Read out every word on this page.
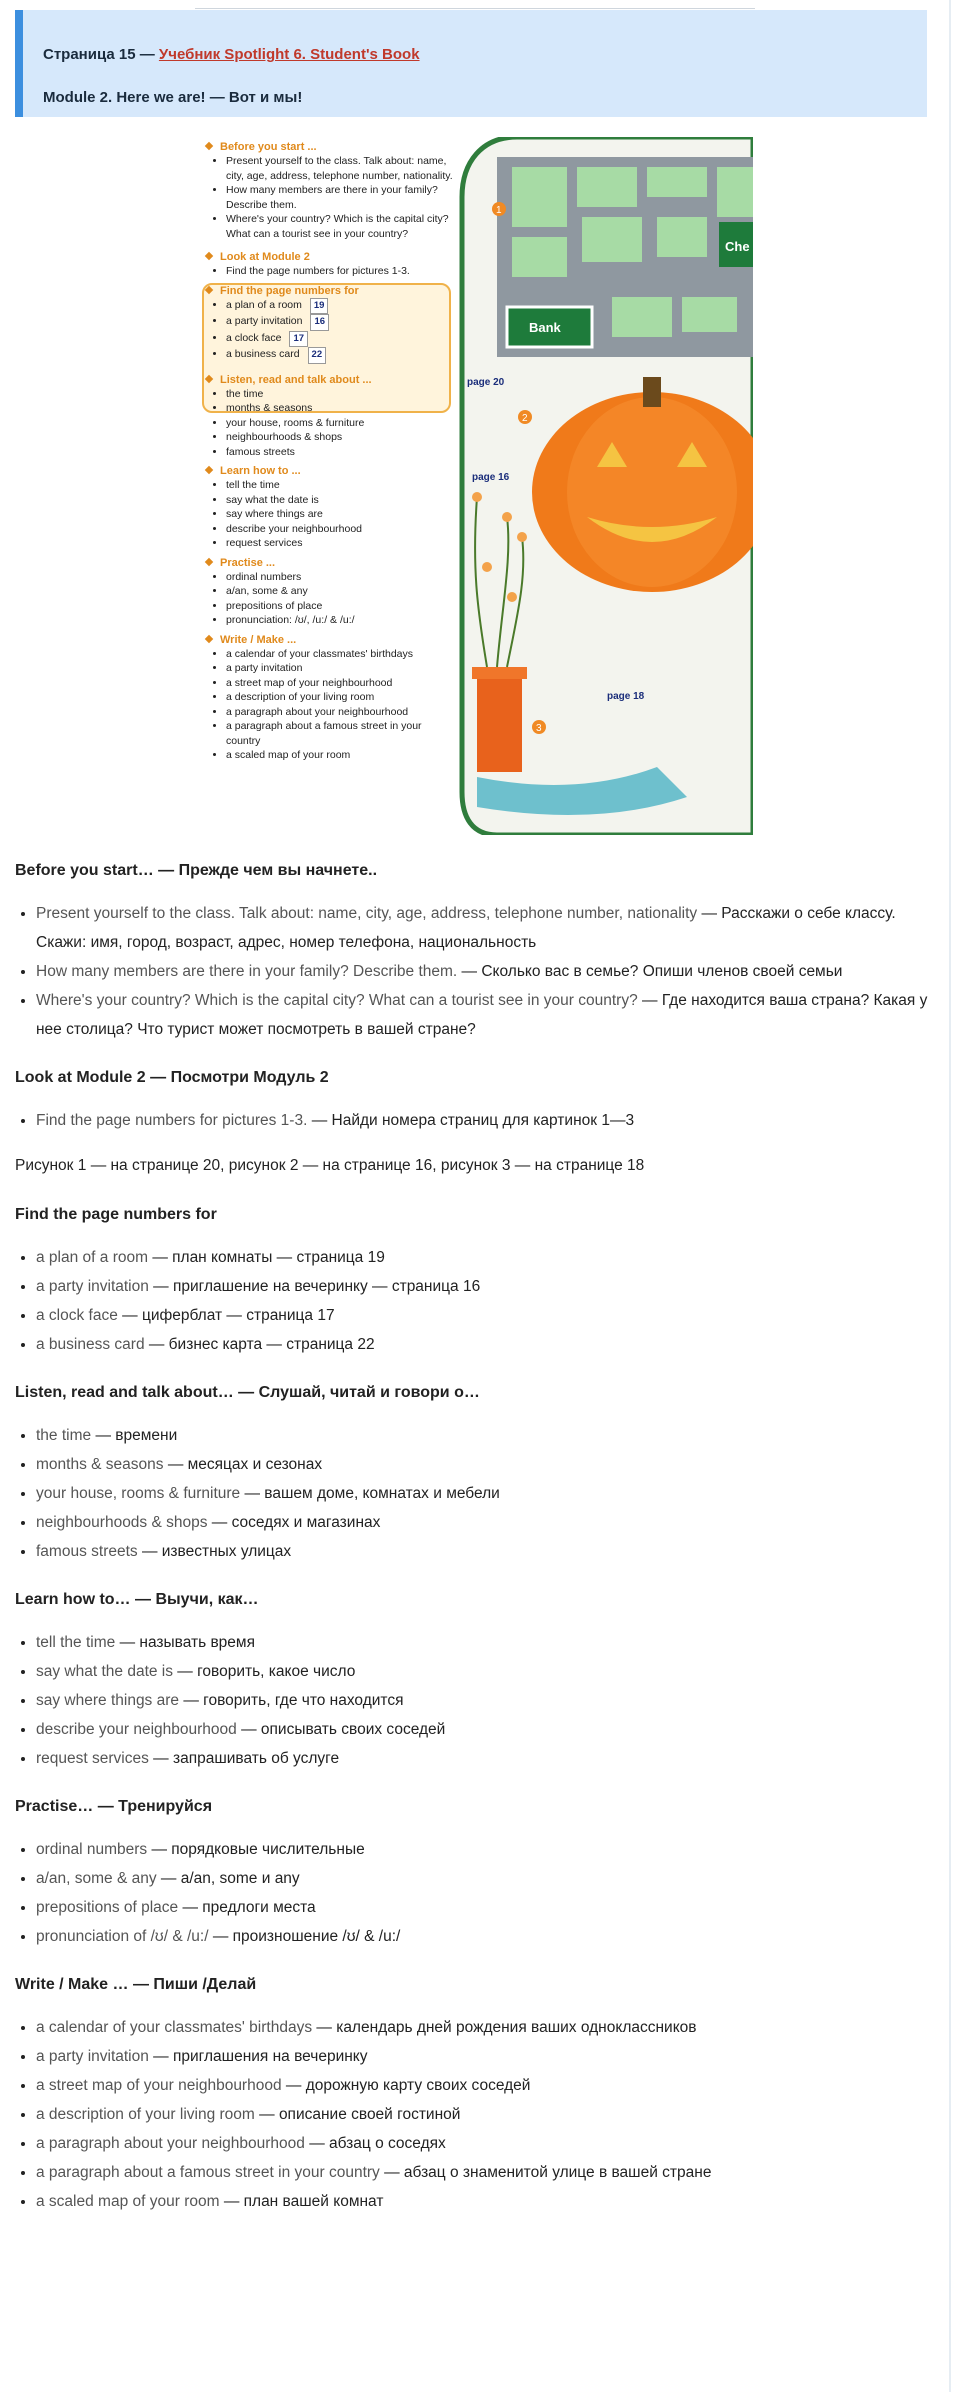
Страница 15 — Учебник Spotlight 6. Student's Book

Module 2. Here we are! — Вот и мы!

Before you start ...
• Present yourself to the class. Talk about: name, city, age, address, telephone number, nationality.
• How many members are there in your family? Describe them.
• Where's your country? Which is the capital city? What can a tourist see in your country?
Look at Module 2
• Find the page numbers for pictures 1-3.
Find the page numbers for
• a plan of a room 19
• a party invitation 16
• a clock face 17
• a business card 22
Listen, read and talk about ...
• the time
• months & seasons
• your house, rooms & furniture
• neighbourhoods & shops
• famous streets
Learn how to ...
• tell the time
• say what the date is
• say where things are
• describe your neighbourhood
• request services
Practise ...
• ordinal numbers
• a/an, some & any
• prepositions of place
• pronunciation: /ʊ/, /u:/ & /u:/
Write / Make ...
• a calendar of your classmates' birthdays
• a party invitation
• a street map of your neighbourhood
• a description of your living room
• a paragraph about your neighbourhood
• a paragraph about a famous street in your country
• a scaled map of your room
Che
Bank
1
page 20
2
page 16
3
page 18
Before you start… — Прежде чем вы начнете..
• Present yourself to the class. Talk about: name, city, age, address, telephone number, nationality — Расскажи о себе классу. Скажи: имя, город, возраст, адрес, номер телефона, национальность
• How many members are there in your family? Describe them. — Сколько вас в семье? Опиши членов своей семьи
• Where's your country? Which is the capital city? What can a tourist see in your country? — Где находится ваша страна? Какая у нее столица? Что турист может посмотреть в вашей стране?
Look at Module 2 — Посмотри Модуль 2
• Find the page numbers for pictures 1-3. — Найди номера страниц для картинок 1—3

Рисунок 1 — на странице 20, рисунок 2 — на странице 16, рисунок 3 — на странице 18

Find the page numbers for
• a plan of a room — план комнаты — страница 19
• a party invitation — приглашение на вечеринку — страница 16
• a clock face — циферблат — страница 17
• a business card — бизнес карта — страница 22
Listen, read and talk about… — Слушай, читай и говори о…
• the time — времени
• months & seasons — месяцах и сезонах
• your house, rooms & furniture — вашем доме, комнатах и мебели
• neighbourhoods & shops — соседях и магазинах
• famous streets — известных улицах
Learn how to… — Выучи, как…
• tell the time — называть время
• say what the date is — говорить, какое число
• say where things are — говорить, где что находится
• describe your neighbourhood — описывать своих соседей
• request services — запрашивать об услуге
Practise… — Тренируйся
• ordinal numbers — порядковые числительные
• a/an, some & any — a/an, some и any
• prepositions of place — предлоги места
• pronunciation of /ʊ/ & /u:/ — произношение /ʊ/ & /u:/
Write / Make … — Пиши /Делай
• a calendar of your classmates' birthdays — календарь дней рождения ваших одноклассников
• a party invitation — приглашения на вечеринку
• a street map of your neighbourhood — дорожную карту своих соседей
• a description of your living room — описание своей гостиной
• a paragraph about your neighbourhood — абзац о соседях
• a paragraph about a famous street in your country — абзац о знаменитой улице в вашей стране
• a scaled map of your room — план вашей комнат
